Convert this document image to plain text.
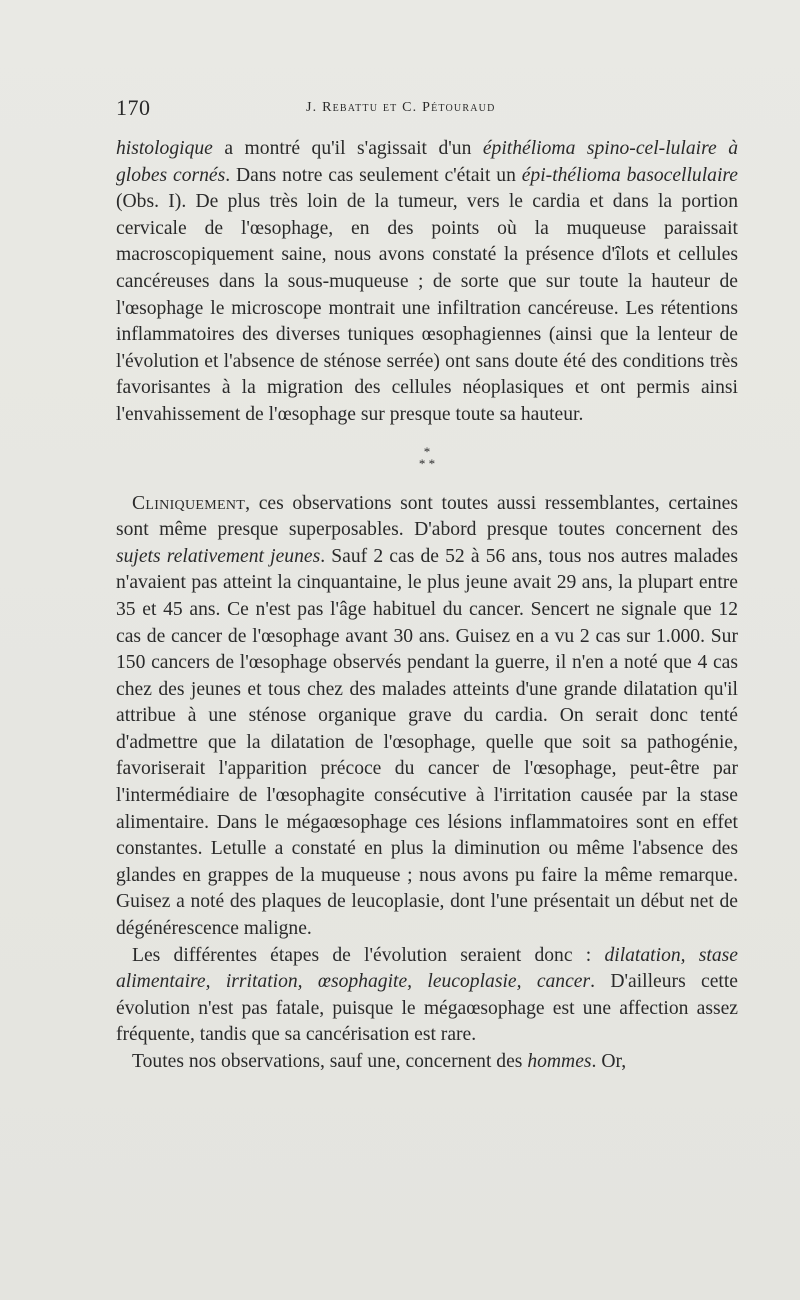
170	J. Rebattu et C. Pétouraud

histologique a montré qu'il s'agissait d'un épithélioma spino-cel-lulaire à globes cornés. Dans notre cas seulement c'était un épi-thélioma basocellulaire (Obs. I). De plus très loin de la tumeur, vers le cardia et dans la portion cervicale de l'œsophage, en des points où la muqueuse paraissait macroscopiquement saine, nous avons constaté la présence d'îlots et cellules cancéreuses dans la sous-muqueuse ; de sorte que sur toute la hauteur de l'œsophage le microscope montrait une infiltration cancéreuse. Les rétentions inflammatoires des diverses tuniques œsophagiennes (ainsi que la lenteur de l'évolution et l'absence de sténose serrée) ont sans doute été des conditions très favorisantes à la migration des cellules néoplasiques et ont permis ainsi l'envahissement de l'œsophage sur presque toute sa hauteur.

*
* *

Cliniquement, ces observations sont toutes aussi ressemblantes, certaines sont même presque superposables. D'abord presque toutes concernent des sujets relativement jeunes. Sauf 2 cas de 52 à 56 ans, tous nos autres malades n'avaient pas atteint la cinquantaine, le plus jeune avait 29 ans, la plupart entre 35 et 45 ans. Ce n'est pas l'âge habituel du cancer. Sencert ne signale que 12 cas de cancer de l'œsophage avant 30 ans. Guisez en a vu 2 cas sur 1.000. Sur 150 cancers de l'œsophage observés pendant la guerre, il n'en a noté que 4 cas chez des jeunes et tous chez des malades atteints d'une grande dilatation qu'il attribue à une sténose organique grave du cardia. On serait donc tenté d'admettre que la dilatation de l'œsophage, quelle que soit sa pathogénie, favoriserait l'apparition précoce du cancer de l'œsophage, peut-être par l'intermédiaire de l'œsophagite consécutive à l'irritation causée par la stase alimentaire. Dans le mégaœsophage ces lésions inflammatoires sont en effet constantes. Letulle a constaté en plus la diminution ou même l'absence des glandes en grappes de la muqueuse ; nous avons pu faire la même remarque. Guisez a noté des plaques de leucoplasie, dont l'une présentait un début net de dégénérescence maligne.

Les différentes étapes de l'évolution seraient donc : dilatation, stase alimentaire, irritation, œsophagite, leucoplasie, cancer. D'ailleurs cette évolution n'est pas fatale, puisque le mégaœsophage est une affection assez fréquente, tandis que sa cancérisation est rare.

Toutes nos observations, sauf une, concernent des hommes. Or,
